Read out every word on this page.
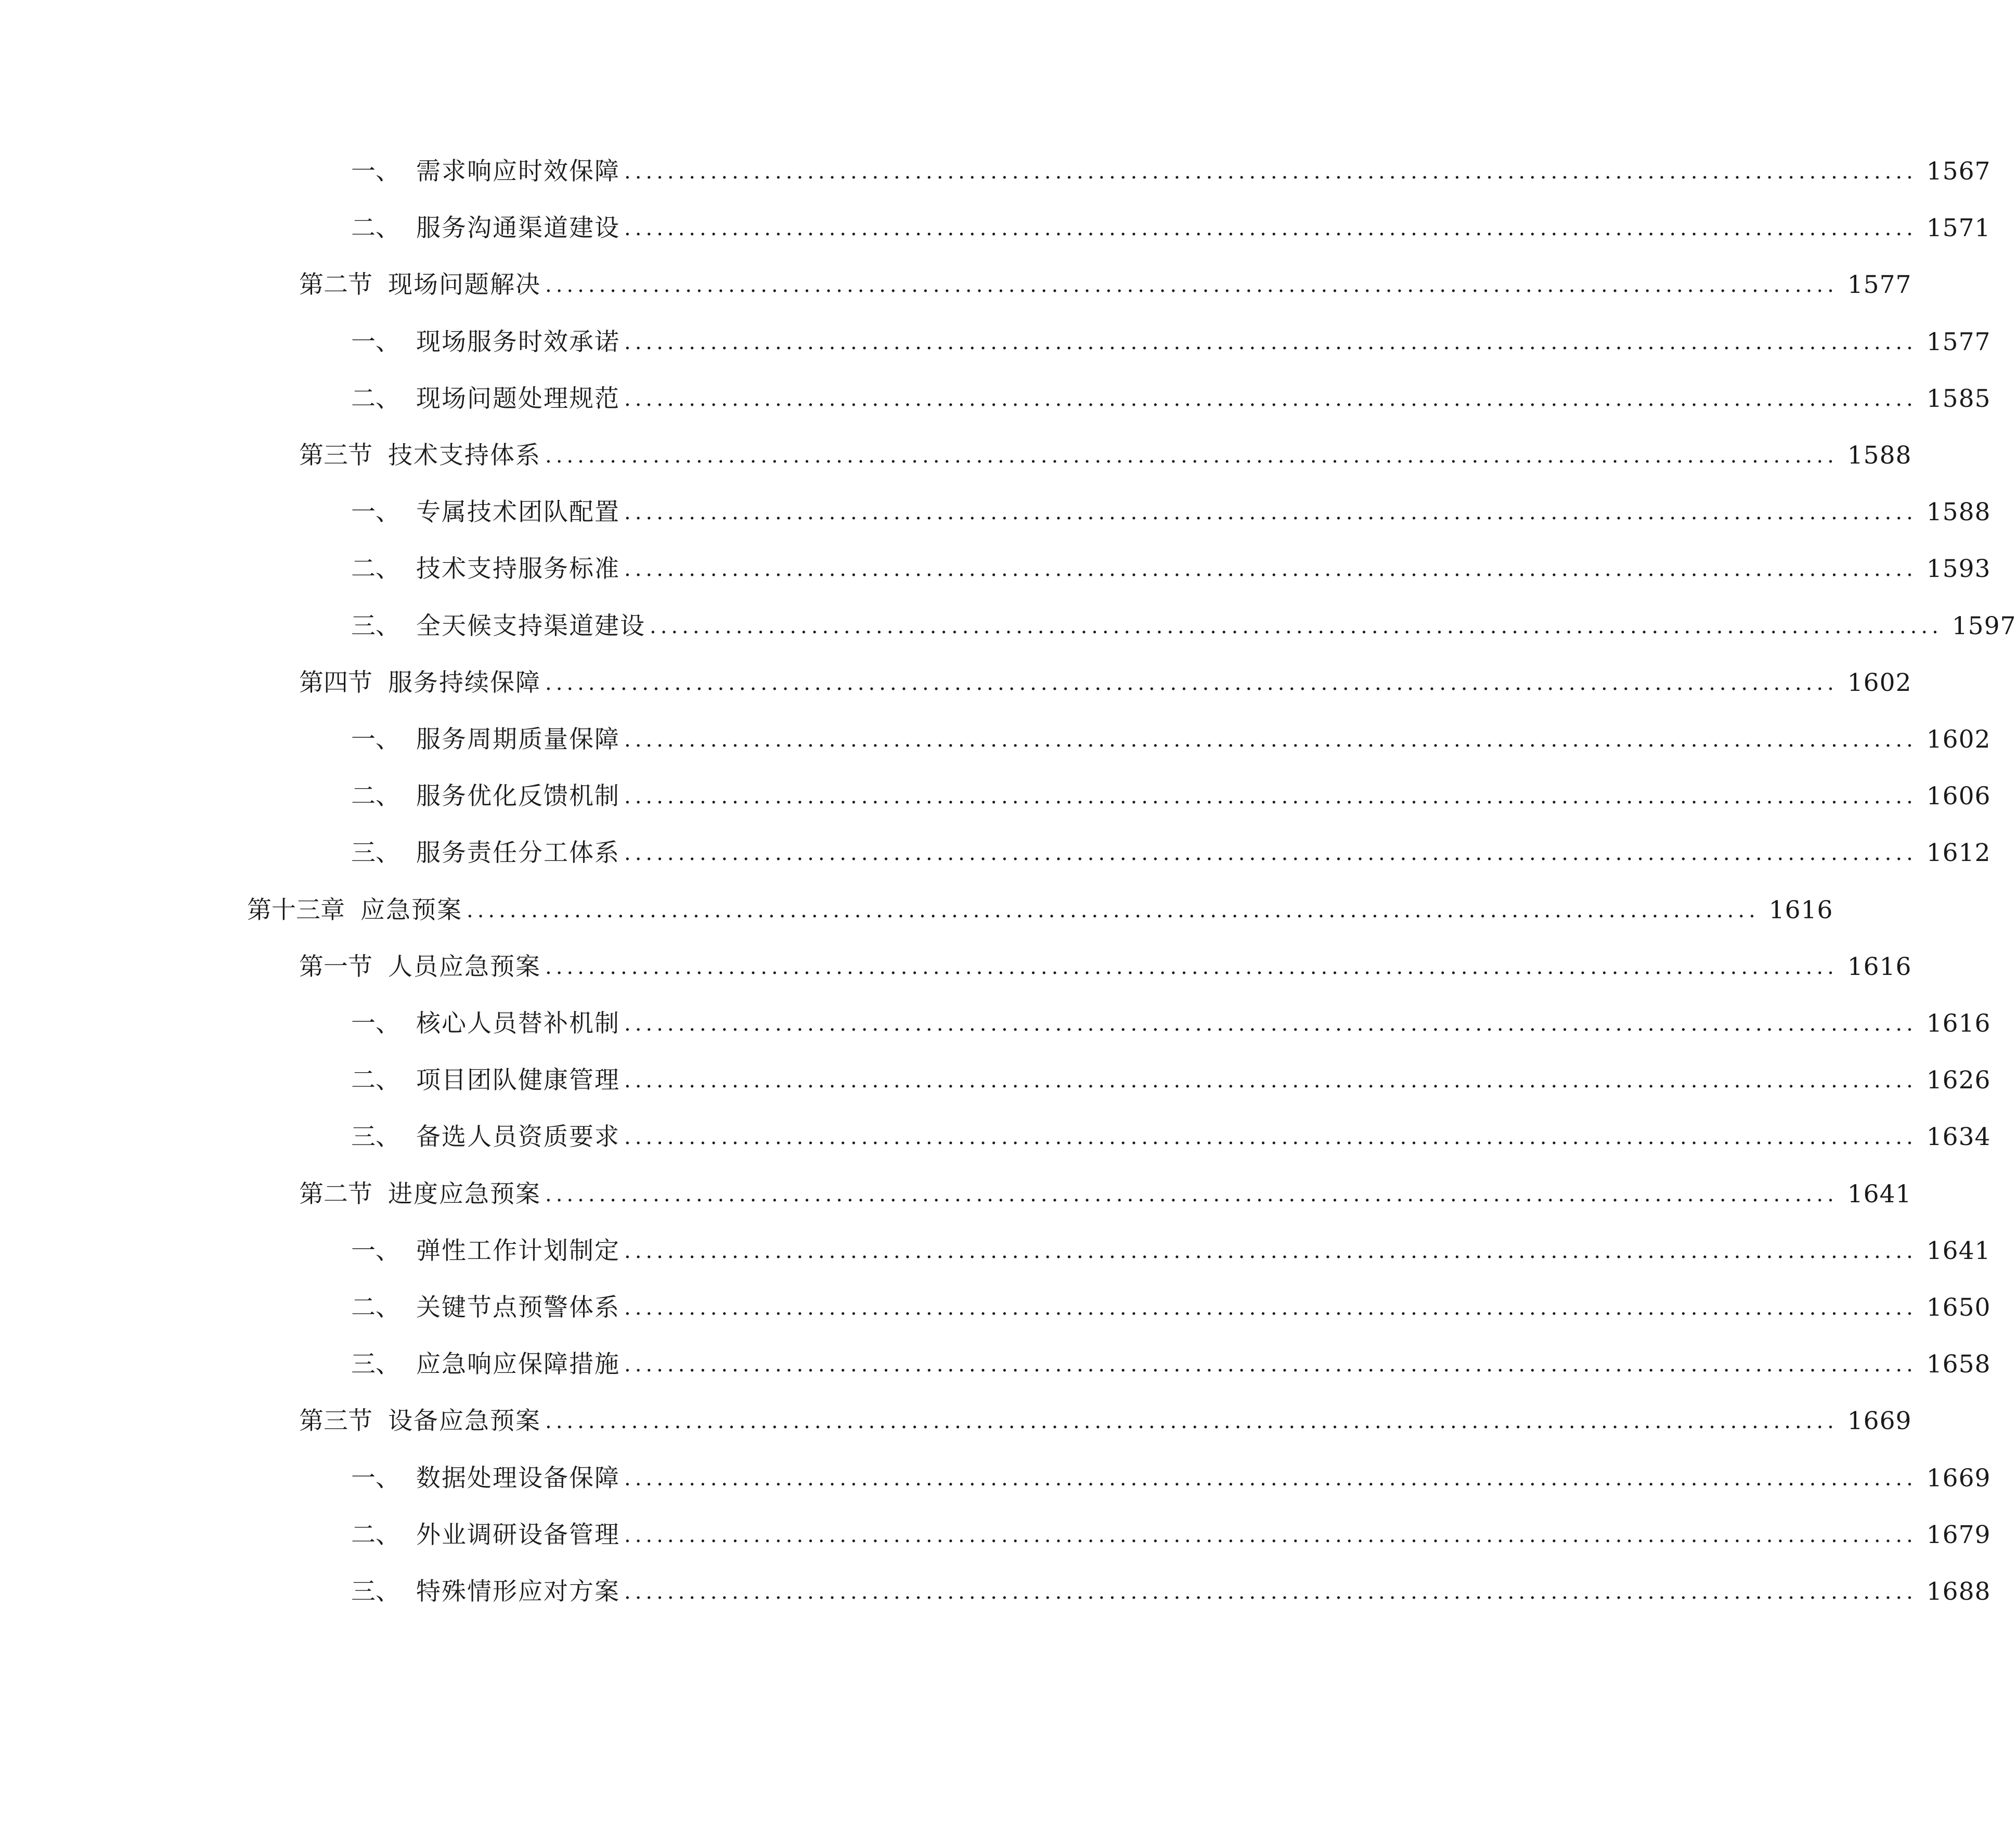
一、 需求响应时效保障 ........................................................................................................................ 1567
二、 服务沟通渠道建设 ........................................................................................................................ 1571
第二节 现场问题解决 ........................................................................................................................ 1577
一、 现场服务时效承诺 ........................................................................................................................ 1577
二、 现场问题处理规范 ........................................................................................................................ 1585
第三节 技术支持体系 ........................................................................................................................ 1588
一、 专属技术团队配置 ........................................................................................................................ 1588
二、 技术支持服务标准 ........................................................................................................................ 1593
三、 全天候支持渠道建设 ........................................................................................................................ 1597
第四节 服务持续保障 ........................................................................................................................ 1602
一、 服务周期质量保障 ........................................................................................................................ 1602
二、 服务优化反馈机制 ........................................................................................................................ 1606
三、 服务责任分工体系 ........................................................................................................................ 1612
第十三章 应急预案 ........................................................................................................................ 1616
第一节 人员应急预案 ........................................................................................................................ 1616
一、 核心人员替补机制 ........................................................................................................................ 1616
二、 项目团队健康管理 ........................................................................................................................ 1626
三、 备选人员资质要求 ........................................................................................................................ 1634
第二节 进度应急预案 ........................................................................................................................ 1641
一、 弹性工作计划制定 ........................................................................................................................ 1641
二、 关键节点预警体系 ........................................................................................................................ 1650
三、 应急响应保障措施 ........................................................................................................................ 1658
第三节 设备应急预案 ........................................................................................................................ 1669
一、 数据处理设备保障 ........................................................................................................................ 1669
二、 外业调研设备管理 ........................................................................................................................ 1679
三、 特殊情形应对方案 ........................................................................................................................ 1688
